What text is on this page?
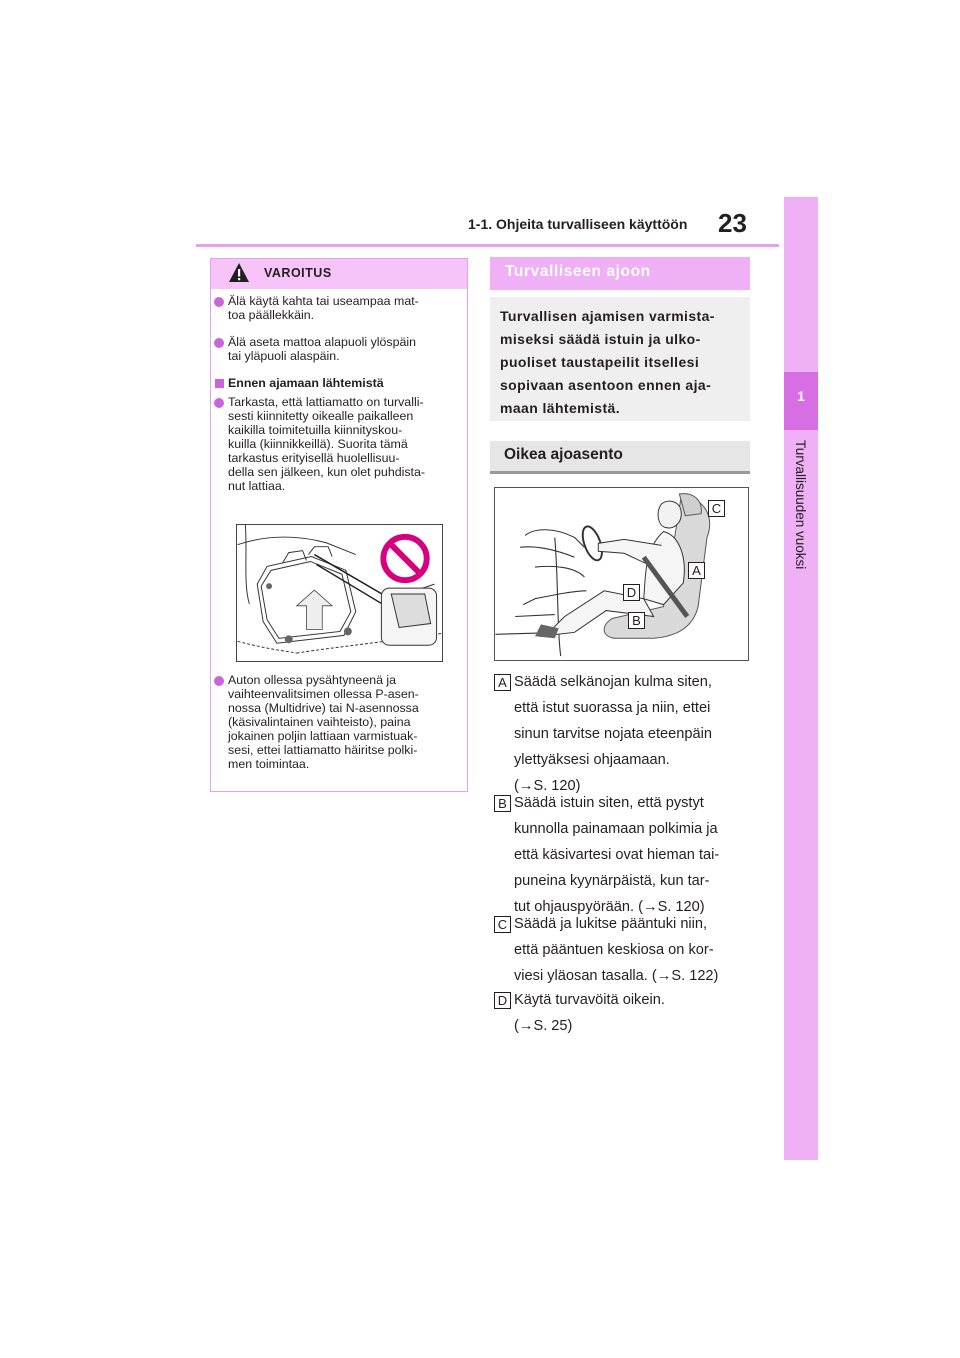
1-1. Ohjeita turvalliseen käyttöön 23
1
Turvallisuuden vuoksi
VAROITUS
Älä käytä kahta tai useampaa mat-
toa päällekkäin.
Älä aseta mattoa alapuoli ylöspäin
tai yläpuoli alaspäin.
Ennen ajamaan lähtemistä
Tarkasta, että lattiamatto on turvalli-
sesti kiinnitetty oikealle paikalleen
kaikilla toimitetuilla kiinnityskou-
kuilla (kiinnikkeillä). Suorita tämä
tarkastus erityisellä huolellisuu-
della sen jälkeen, kun olet puhdista-
nut lattiaa.
Auton ollessa pysähtyneenä ja
vaihteenvalitsimen ollessa P-asen-
nossa (Multidrive) tai N-asennossa
(käsivalintainen vaihteisto), paina
jokainen poljin lattiaan varmistuak-
sesi, ettei lattiamatto häiritse polki-
men toimintaa.
Turvalliseen ajoon
Turvallisen ajamisen varmista-
miseksi säädä istuin ja ulko-
puoliset taustapeilit itsellesi
sopivaan asentoon ennen aja-
maan lähtemistä.
Oikea ajoasento
C
A
D
B
A Säädä selkänojan kulma siten,
että istut suorassa ja niin, ettei
sinun tarvitse nojata eteenpäin
ylettyäksesi ohjaamaan.
(→S. 120)
B Säädä istuin siten, että pystyt
kunnolla painamaan polkimia ja
että käsivartesi ovat hieman tai-
puneina kyynärpäistä, kun tar-
tut ohjauspyörään. (→S. 120)
C Säädä ja lukitse pääntuki niin,
että pääntuen keskiosa on kor-
viesi yläosan tasalla. (→S. 122)
D Käytä turvavöitä oikein.
(→S. 25)
